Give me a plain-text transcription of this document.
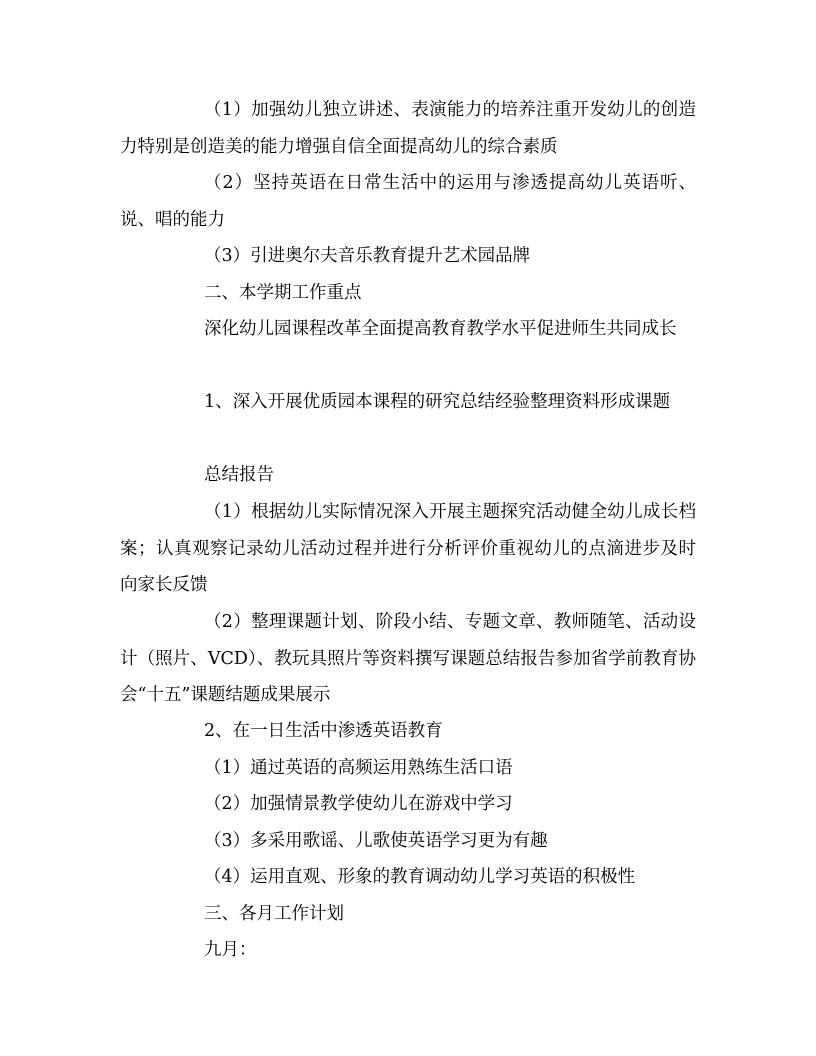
（1）加强幼儿独立讲述、表演能力的培养注重开发幼儿的创造力特别是创造美的能力增强自信全面提高幼儿的综合素质

（2）坚持英语在日常生活中的运用与渗透提高幼儿英语听、说、唱的能力

（3）引进奥尔夫音乐教育提升艺术园品牌

二、本学期工作重点

深化幼儿园课程改革全面提高教育教学水平促进师生共同成长

1、深入开展优质园本课程的研究总结经验整理资料形成课题

总结报告

（1）根据幼儿实际情况深入开展主题探究活动健全幼儿成长档案；认真观察记录幼儿活动过程并进行分析评价重视幼儿的点滴进步及时向家长反馈

（2）整理课题计划、阶段小结、专题文章、教师随笔、活动设计（照片、VCD）、教玩具照片等资料撰写课题总结报告参加省学前教育协会“十五”课题结题成果展示

2、在一日生活中渗透英语教育

（1）通过英语的高频运用熟练生活口语

（2）加强情景教学使幼儿在游戏中学习

（3）多采用歌谣、儿歌使英语学习更为有趣

（4）运用直观、形象的教育调动幼儿学习英语的积极性

三、各月工作计划

九月：
